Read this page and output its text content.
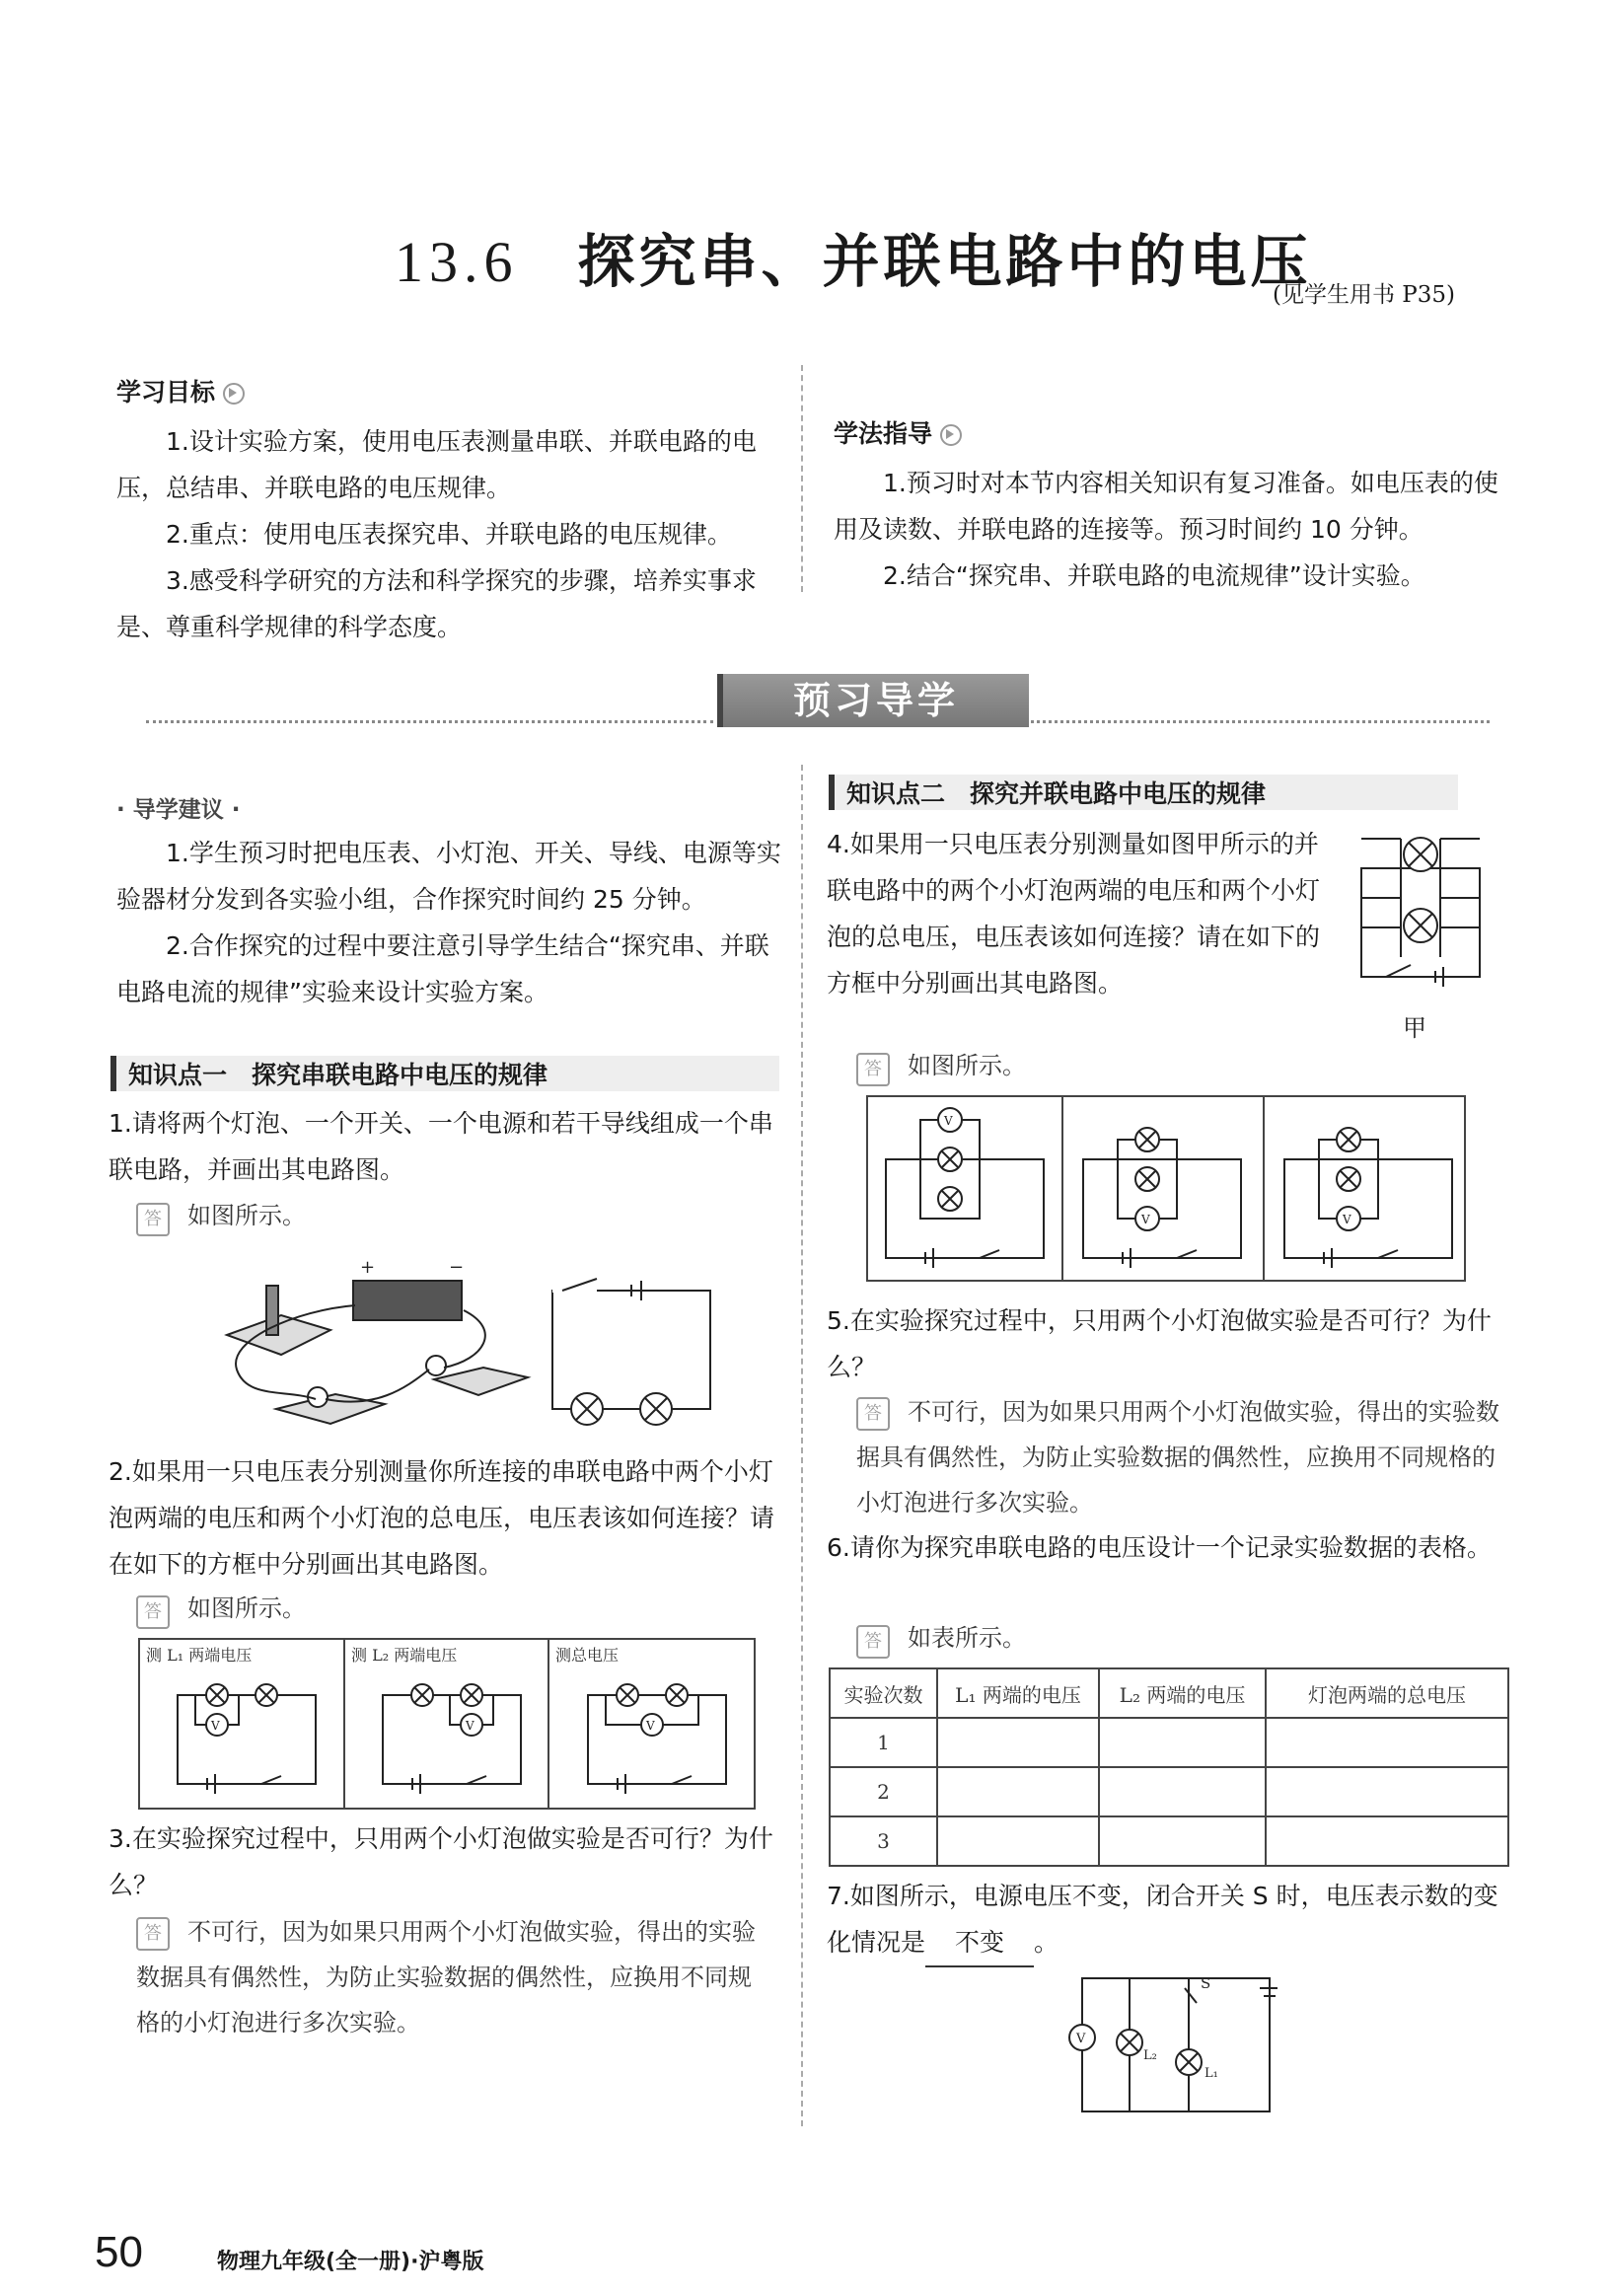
13.6 探究串、并联电路中的电压
(见学生用书 P35)
学习目标
1.设计实验方案，使用电压表测量串联、并联电路的电压，总结串、并联电路的电压规律。
2.重点：使用电压表探究串、并联电路的电压规律。
3.感受科学研究的方法和科学探究的步骤，培养实事求是、尊重科学规律的科学态度。
学法指导
1.预习时对本节内容相关知识有复习准备。如电压表的使用及读数、并联电路的连接等。预习时间约 10 分钟。
2.结合“探究串、并联电路的电流规律”设计实验。
预习导学
· 导学建议 ·
1.学生预习时把电压表、小灯泡、开关、导线、电源等实验器材分发到各实验小组，合作探究时间约 25 分钟。
2.合作探究的过程中要注意引导学生结合“探究串、并联电路电流的规律”实验来设计实验方案。
知识点一　探究串联电路中电压的规律
1.请将两个灯泡、一个开关、一个电源和若干导线组成一个串联电路，并画出其电路图。
答 如图所示。
+	−
2.如果用一只电压表分别测量你所连接的串联电路中两个小灯泡两端的电压和两个小灯泡的总电压，电压表该如何连接？请在如下的方框中分别画出其电路图。
答 如图所示。
测 L₁ 两端电压	测 L₂ 两端电压	测总电压
V	V	V
3.在实验探究过程中，只用两个小灯泡做实验是否可行？为什么？
答 不可行，因为如果只用两个小灯泡做实验，得出的实验数据具有偶然性，为防止实验数据的偶然性，应换用不同规格的小灯泡进行多次实验。
知识点二　探究并联电路中电压的规律
4.如果用一只电压表分别测量如图甲所示的并联电路中的两个小灯泡两端的电压和两个小灯泡的总电压，电压表该如何连接？请在如下的方框中分别画出其电路图。
甲
答 如图所示。
V
V	V
5.在实验探究过程中，只用两个小灯泡做实验是否可行？为什么？
答 不可行，因为如果只用两个小灯泡做实验，得出的实验数据具有偶然性，为防止实验数据的偶然性，应换用不同规格的小灯泡进行多次实验。
6.请你为探究串联电路的电压设计一个记录实验数据的表格。
答 如表所示。
实验次数	L₁ 两端的电压	L₂ 两端的电压	灯泡两端的总电压
1			
2			
3			
7.如图所示，电源电压不变，闭合开关 S 时，电压表示数的变化情况是 不变 。
V
S
L₂
L₁
50	物理九年级(全一册)·沪粤版
